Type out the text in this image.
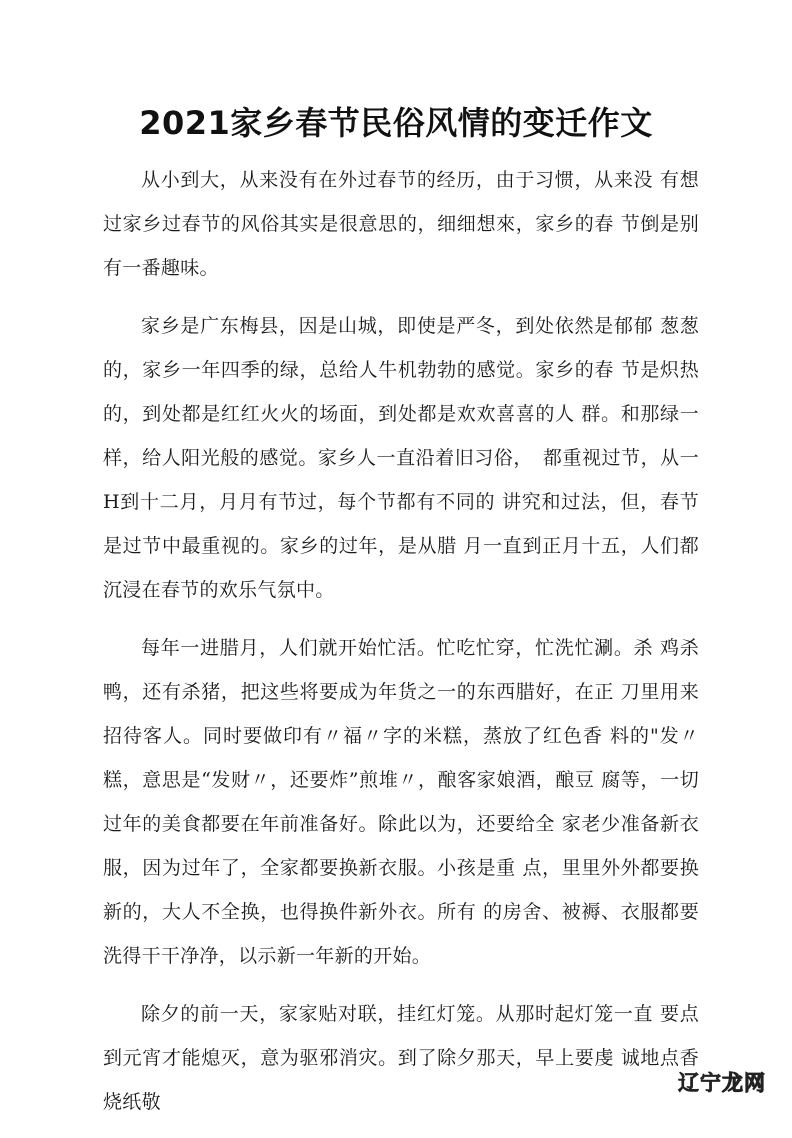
2021家乡春节民俗风情的变迁作文

从小到大，从来没有在外过春节的经历，由于习惯，从来没 有想过家乡过春节的风俗其实是很意思的，细细想來，家乡的春 节倒是别有一番趣味。

家乡是广东梅县，因是山城，即使是严冬，到处依然是郁郁 葱葱的，家乡一年四季的绿，总给人牛机勃勃的感觉。家乡的春 节是炽热的，到处都是红红火火的场面，到处都是欢欢喜喜的人 群。和那绿一样，给人阳光般的感觉。家乡人一直沿着旧习俗，　都重视过节，从一H到十二月，月月有节过，每个节都有不同的 讲究和过法，但，春节是过节中最重视的。家乡的过年，是从腊 月一直到正月十五，人们都沉浸在春节的欢乐气氛中。

每年一进腊月，人们就开始忙活。忙吃忙穿，忙洗忙涮。杀 鸡杀鸭，还有杀猪，把这些将要成为年货之一的东西腊好，在正 刀里用来招待客人。同时要做印有〃福〃字的米糕，蒸放了红色香 料的"发〃糕，意思是“发财〃，还要炸”煎堆〃，酿客家娘酒，酿豆 腐等，一切过年的美食都要在年前准备好。除此以为，还要给全 家老少准备新衣服，因为过年了，全家都要换新衣服。小孩是重 点，里里外外都要换新的，大人不全换，也得换件新外衣。所有 的房舍、被褥、衣服都要洗得干干净净，以示新一年新的开始。

除夕的前一天，家家贴对联，挂红灯笼。从那时起灯笼一直 要点到元宵才能熄灭，意为驱邪消灾。到了除夕那天，早上要虔 诚地点香烧纸敬

辽宁龙网
